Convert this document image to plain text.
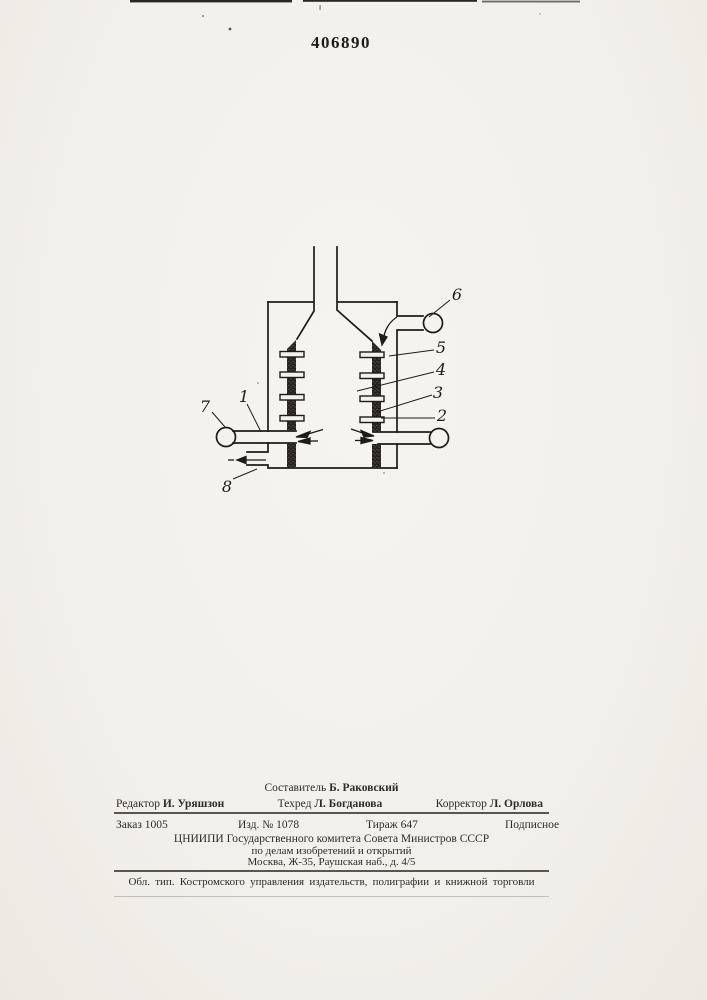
406890
1
2
3
4
5
6
7
8
Составитель Б. Раковский
Редактор И. Уряшзон	Техред Л. Богданова	Корректор Л. Орлова
Заказ 1005	Изд. № 1078	Тираж 647	Подписное
ЦНИИПИ Государственного комитета Совета Министров СССР
по делам изобретений и открытий
Москва, Ж-35, Раушская наб., д. 4/5
Обл. тип. Костромского управления издательств, полиграфии и книжной торговли
